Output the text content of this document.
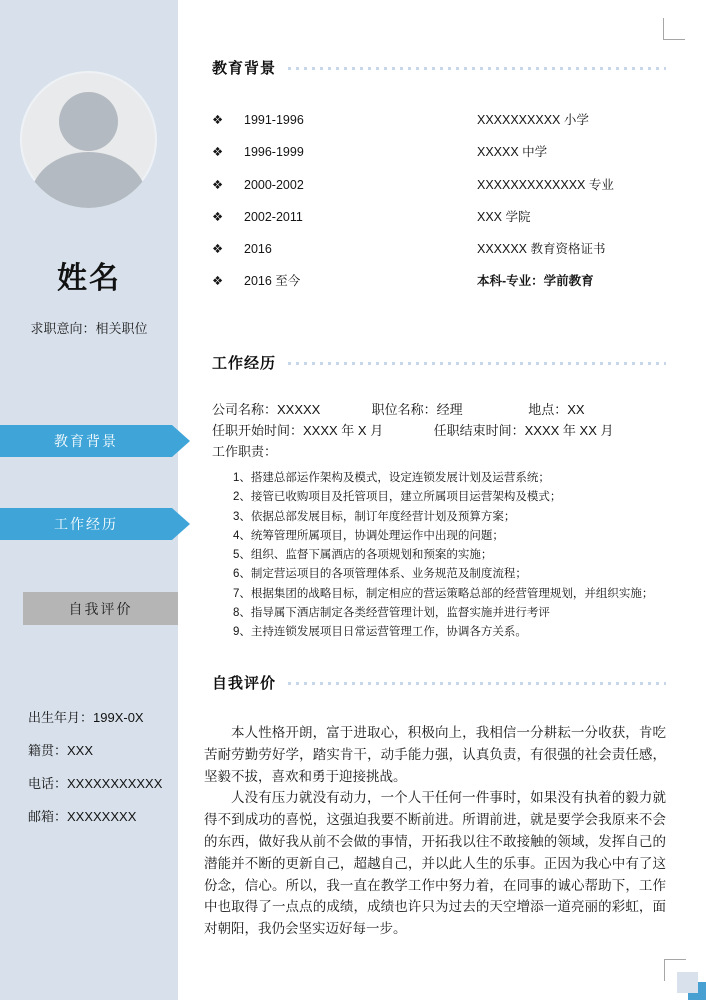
姓名
求职意向：相关职位
教育背景
工作经历
自我评价
出生年月：199X-0X
籍贯：XXX
电话：XXXXXXXXXXX
邮箱：XXXXXXXX
教育背景
❖ 1991-1996	XXXXXXXXXX 小学
❖ 1996-1999	XXXXX 中学
❖ 2000-2002	XXXXXXXXXXXXX 专业
❖ 2002-2011	XXX 学院
❖ 2016	XXXXXX 教育资格证书
❖ 2016 至今	本科-专业：学前教育
工作经历
公司名称：XXXXX	职位名称：经理	地点：XX
任职开始时间：XXXX 年 X 月	任职结束时间：XXXX 年 XX 月
工作职责：
1、搭建总部运作架构及模式，设定连锁发展计划及运营系统；
2、接管已收购项目及托管项目，建立所属项目运营架构及模式；
3、依据总部发展目标，制订年度经营计划及预算方案；
4、统筹管理所属项目，协调处理运作中出现的问题；
5、组织、监督下属酒店的各项规划和预案的实施；
6、制定营运项目的各项管理体系、业务规范及制度流程；
7、根据集团的战略目标，制定相应的营运策略总部的经营管理规划，并组织实施；
8、指导属下酒店制定各类经营管理计划，监督实施并进行考评
9、主持连锁发展项目日常运营管理工作，协调各方关系。
自我评价

本人性格开朗，富于进取心，积极向上，我相信一分耕耘一分收获，肯吃苦耐劳勤劳好学，踏实肯干，动手能力强，认真负责，有很强的社会责任感，坚毅不拔，喜欢和勇于迎接挑战。

人没有压力就没有动力，一个人干任何一件事时，如果没有执着的毅力就得不到成功的喜悦，这强迫我要不断前进。所谓前进，就是要学会我原来不会的东西，做好我从前不会做的事情，开拓我以往不敢接触的领域，发挥自己的潜能并不断的更新自己，超越自己，并以此人生的乐事。正因为我心中有了这份念，信心。所以，我一直在教学工作中努力着，在同事的诚心帮助下，工作中也取得了一点点的成绩，成绩也许只为过去的天空增添一道亮丽的彩虹，面对朝阳，我仍会坚实迈好每一步。
